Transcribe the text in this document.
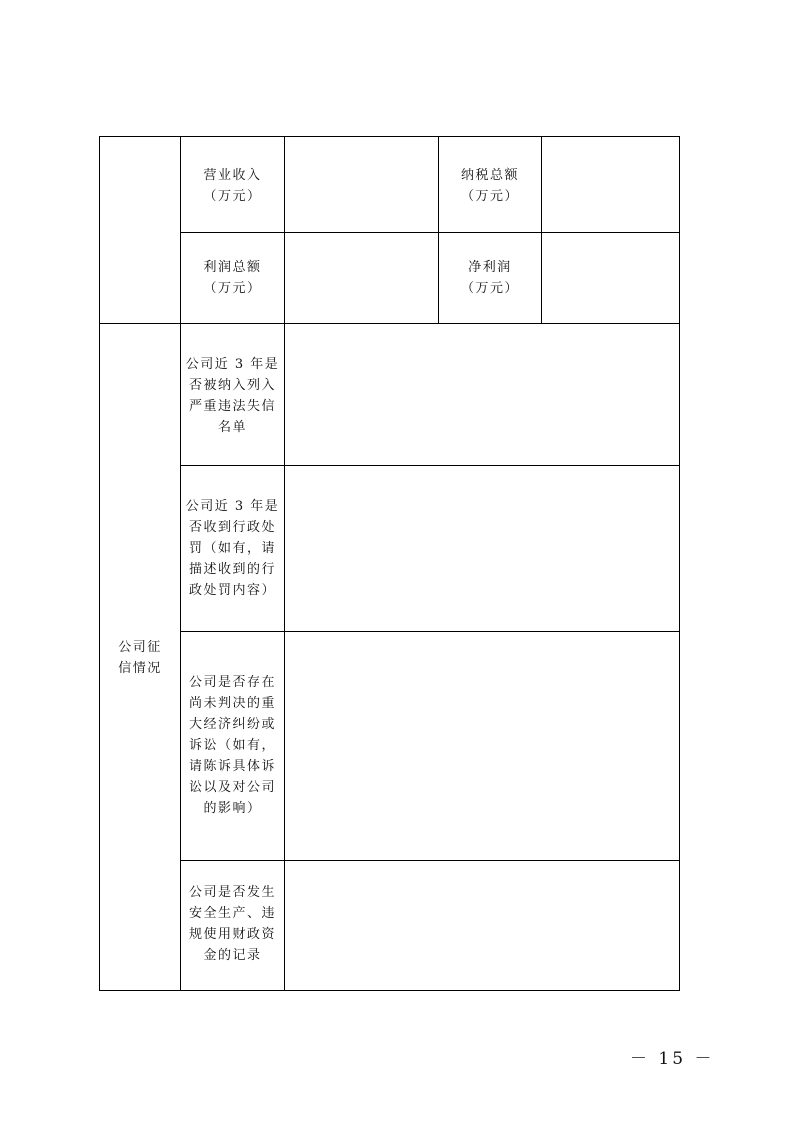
营业收入
（万元）
纳税总额
（万元）
利润总额
（万元）
净利润
（万元）
公司征
信情况
公司近 3 年是
否被纳入列入
严重违法失信
名单
公司近 3 年是
否收到行政处
罚（如有，请
描述收到的行
政处罚内容）
公司是否存在
尚未判决的重
大经济纠纷或
诉讼（如有，
请陈诉具体诉
讼以及对公司
的影响）
公司是否发生
安全生产、违
规使用财政资
金的记录
－ 15 －
